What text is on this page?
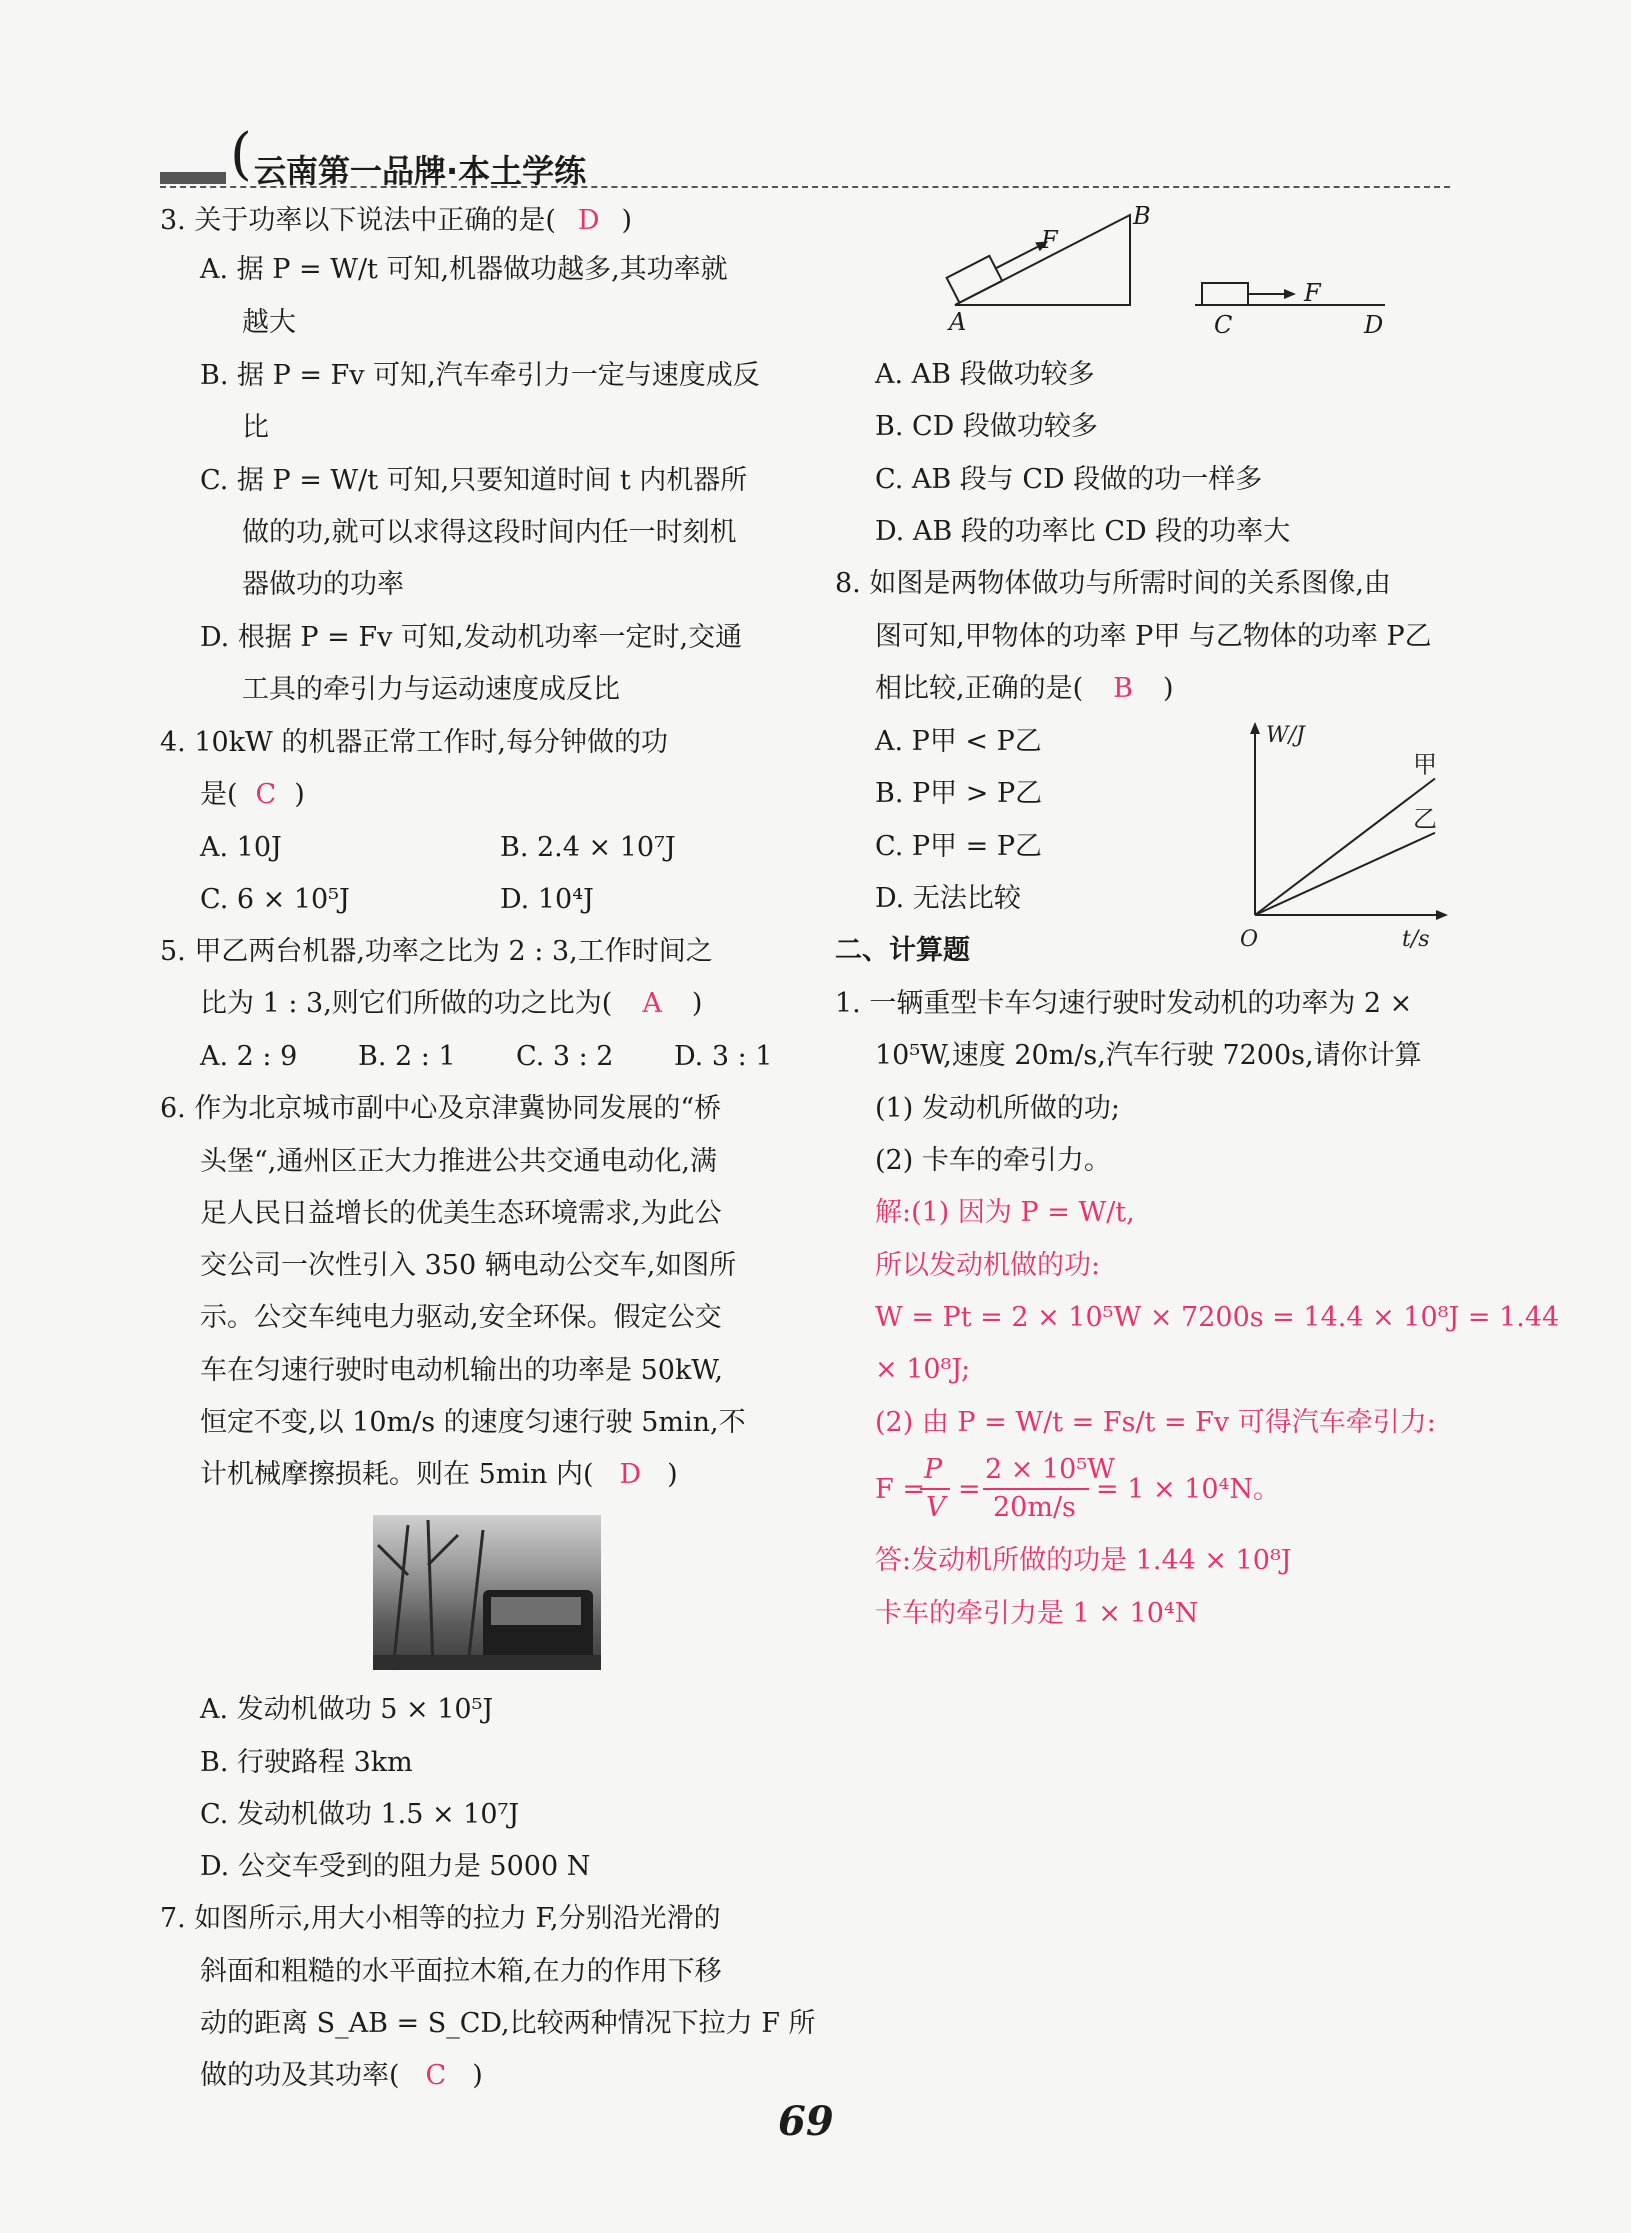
( 云南第一品牌·本土学练
3. 关于功率以下说法中正确的是( D )
A. 据 P = W/t 可知,机器做功越多,其功率就
越大
B. 据 P = Fv 可知,汽车牵引力一定与速度成反
比
C. 据 P = W/t 可知,只要知道时间 t 内机器所
做的功,就可以求得这段时间内任一时刻机
器做功的功率
D. 根据 P = Fv 可知,发动机功率一定时,交通
工具的牵引力与运动速度成反比
4. 10kW 的机器正常工作时,每分钟做的功
是( C )
A. 10J	B. 2.4 × 10⁷J
C. 6 × 10⁵J	D. 10⁴J
5. 甲乙两台机器,功率之比为 2 : 3,工作时间之
比为 1 : 3,则它们所做的功之比为( A )
A. 2 : 9 B. 2 : 1 C. 3 : 2 D. 3 : 1
6. 作为北京城市副中心及京津冀协同发展的“桥
头堡“,通州区正大力推进公共交通电动化,满
足人民日益增长的优美生态环境需求,为此公
交公司一次性引入 350 辆电动公交车,如图所
示。公交车纯电力驱动,安全环保。假定公交
车在匀速行驶时电动机输出的功率是 50kW,
恒定不变,以 10m/s 的速度匀速行驶 5min,不
计机械摩擦损耗。则在 5min 内( D )
A. 发动机做功 5 × 10⁵J
B. 行驶路程 3km
C. 发动机做功 1.5 × 10⁷J
D. 公交车受到的阻力是 5000 N
7. 如图所示,用大小相等的拉力 F,分别沿光滑的
斜面和粗糙的水平面拉木箱,在力的作用下移
动的距离 S_AB = S_CD,比较两种情况下拉力 F 所
做的功及其功率( C )
F
B
A
F
C	D
A. AB 段做功较多
B. CD 段做功较多
C. AB 段与 CD 段做的功一样多
D. AB 段的功率比 CD 段的功率大
8. 如图是两物体做功与所需时间的关系图像,由
图可知,甲物体的功率 P甲 与乙物体的功率 P乙
相比较,正确的是( B )
A. P甲 < P乙
B. P甲 > P乙
C. P甲 = P乙
D. 无法比较
甲
乙
W/J
O	t/s
二、计算题
1. 一辆重型卡车匀速行驶时发动机的功率为 2 ×
10⁵W,速度 20m/s,汽车行驶 7200s,请你计算
(1) 发动机所做的功;
(2) 卡车的牵引力。
解:(1) 因为 P = W/t,
所以发动机做的功:
W = Pt = 2 × 10⁵W × 7200s = 14.4 × 10⁸J = 1.44
× 10⁸J;
(2) 由 P = W/t = Fs/t = Fv 可得汽车牵引力:
F =
P
V
=
2 × 10⁵W
20m/s
= 1 × 10⁴N。
答:发动机所做的功是 1.44 × 10⁸J
卡车的牵引力是 1 × 10⁴N
69
